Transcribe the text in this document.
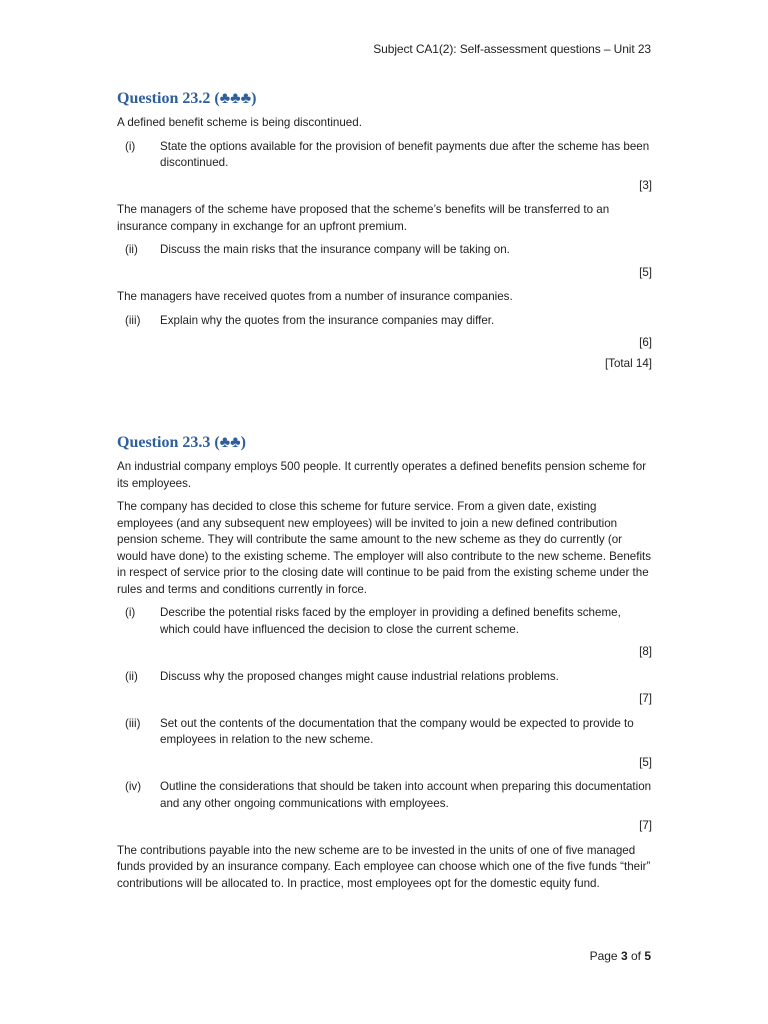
Subject CA1(2): Self-assessment questions – Unit 23
Question 23.2 (♣♣♣)

A defined benefit scheme is being discontinued.

(i)	State the options available for the provision of benefit payments due after the scheme has been discontinued.
[3]

The managers of the scheme have proposed that the scheme’s benefits will be transferred to an insurance company in exchange for an upfront premium.

(ii)	Discuss the main risks that the insurance company will be taking on.
[5]

The managers have received quotes from a number of insurance companies.

(iii)	Explain why the quotes from the insurance companies may differ.
[6]
[Total 14]
Question 23.3 (♣♣)

An industrial company employs 500 people. It currently operates a defined benefits pension scheme for its employees.

The company has decided to close this scheme for future service. From a given date, existing employees (and any subsequent new employees) will be invited to join a new defined contribution pension scheme. They will contribute the same amount to the new scheme as they do currently (or would have done) to the existing scheme. The employer will also contribute to the new scheme. Benefits in respect of service prior to the closing date will continue to be paid from the existing scheme under the rules and terms and conditions currently in force.

(i)	Describe the potential risks faced by the employer in providing a defined benefits scheme, which could have influenced the decision to close the current scheme.
[8]
(ii)	Discuss why the proposed changes might cause industrial relations problems.
[7]
(iii)	Set out the contents of the documentation that the company would be expected to provide to employees in relation to the new scheme.
[5]
(iv)	Outline the considerations that should be taken into account when preparing this documentation and any other ongoing communications with employees.
[7]

The contributions payable into the new scheme are to be invested in the units of one of five managed funds provided by an insurance company. Each employee can choose which one of the five funds “their” contributions will be allocated to. In practice, most employees opt for the domestic equity fund.

Page 3 of 5
